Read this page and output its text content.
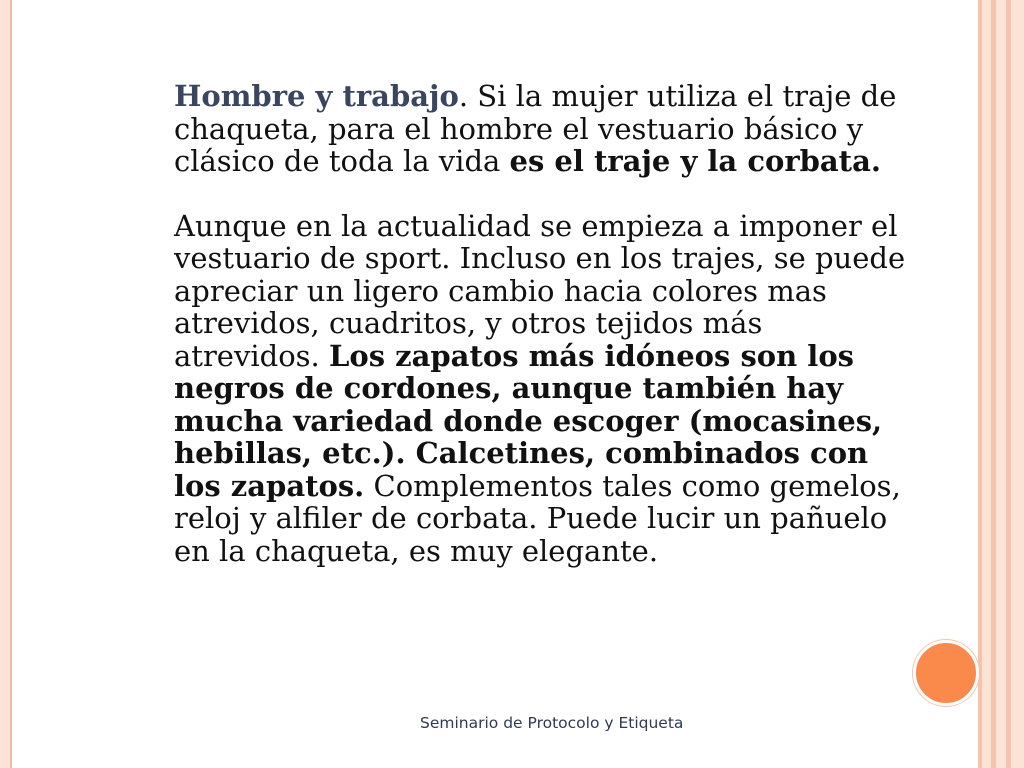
Hombre y trabajo. Si la mujer utiliza el traje de chaqueta, para el hombre el vestuario básico y clásico de toda la vida es el traje y la corbata.

Aunque en la actualidad se empieza a imponer el vestuario de sport. Incluso en los trajes, se puede apreciar un ligero cambio hacia colores mas atrevidos, cuadritos, y otros tejidos más atrevidos. Los zapatos más idóneos son los negros de cordones, aunque también hay mucha variedad donde escoger (mocasines, hebillas, etc.). Calcetines, combinados con los zapatos. Complementos tales como gemelos, reloj y alfiler de corbata. Puede lucir un pañuelo en la chaqueta, es muy elegante.

Seminario de Protocolo y Etiqueta
